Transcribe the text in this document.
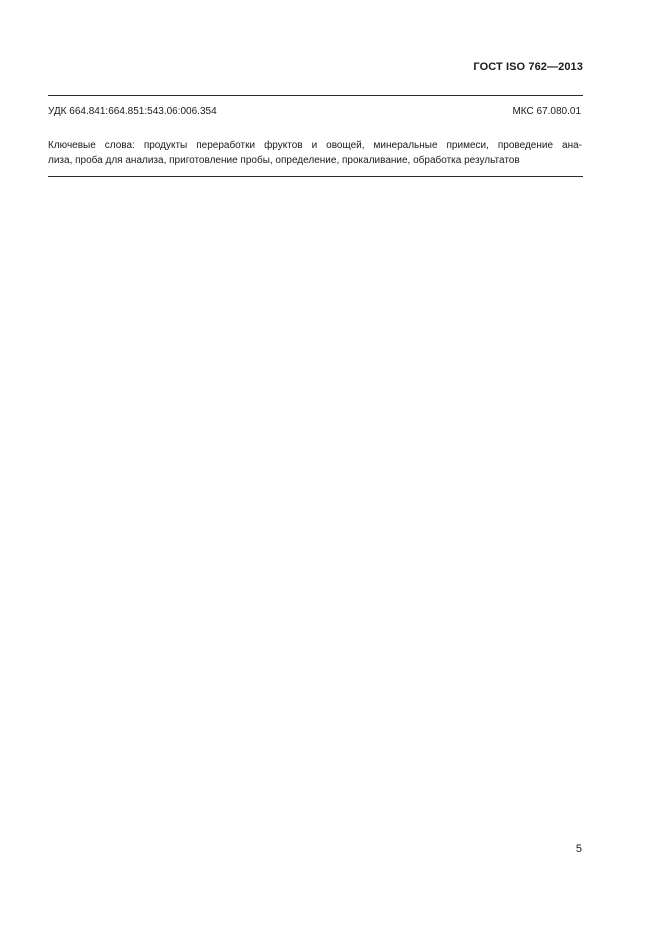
ГОСТ ISO 762—2013
УДК 664.841:664.851:543.06:006.354	МКС 67.080.01
Ключевые слова: продукты переработки фруктов и овощей, минеральные примеси, проведение ана-
лиза, проба для анализа, приготовление пробы, определение, прокаливание, обработка результатов
5
